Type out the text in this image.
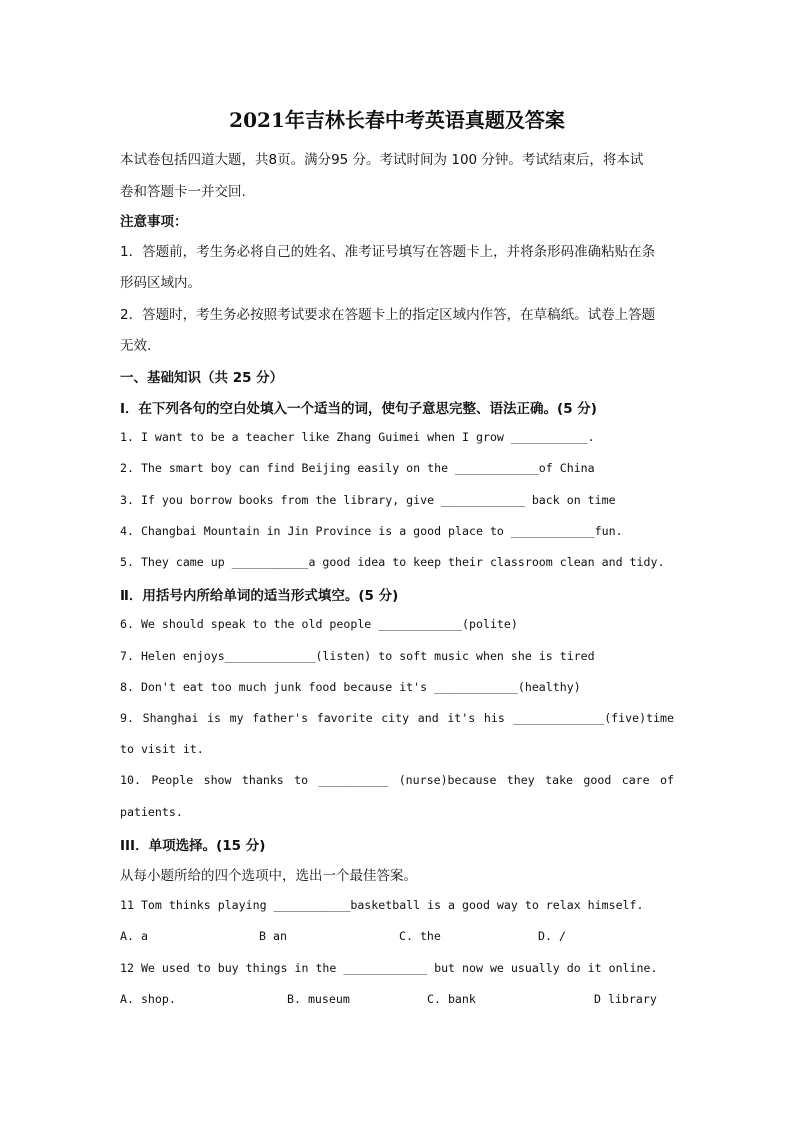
2021年吉林长春中考英语真题及答案
本试卷包括四道大题，共8页。满分95 分。考试时间为 100 分钟。考试结束后，将本试
卷和答题卡一并交回.
注意事项：
1．答题前，考生务必将自己的姓名、准考证号填写在答题卡上，并将条形码准确粘贴在条
形码区域内。
2．答题时，考生务必按照考试要求在答题卡上的指定区域内作答，在草稿纸。试卷上答题
无效.
一、基础知识（共 25 分）
I．在下列各句的空白处填入一个适当的词，使句子意思完整、语法正确。(5 分)
1. I want to be a teacher like Zhang Guimei when I grow ___________.
2. The smart boy can find Beijing easily on the ____________of China
3. If you borrow books from the library, give ____________ back on time
4. Changbai Mountain in Jin Province is a good place to ____________fun.
5. They came up ___________a good idea to keep their classroom clean and tidy.
Ⅱ．用括号内所给单词的适当形式填空。(5 分)
6. We should speak to the old people ____________(polite)
7. Helen enjoys_____________(listen) to soft music when she is tired
8. Don't eat too much junk food because it's ____________(healthy)
9. Shanghai is my father's favorite city and it's his _____________(five)time
to visit it.
10. People show thanks to __________ (nurse)because they take good care of
patients.
III．单项选择。(15 分)
从每小题所给的四个选项中，选出一个最佳答案。
11 Tom thinks playing ___________basketball is a good way to relax himself.
A. a	B an	C. the	D. /
12 We used to buy things in the ____________ but now we usually do it online.
A. shop.	B. museum	C. bank	D library
